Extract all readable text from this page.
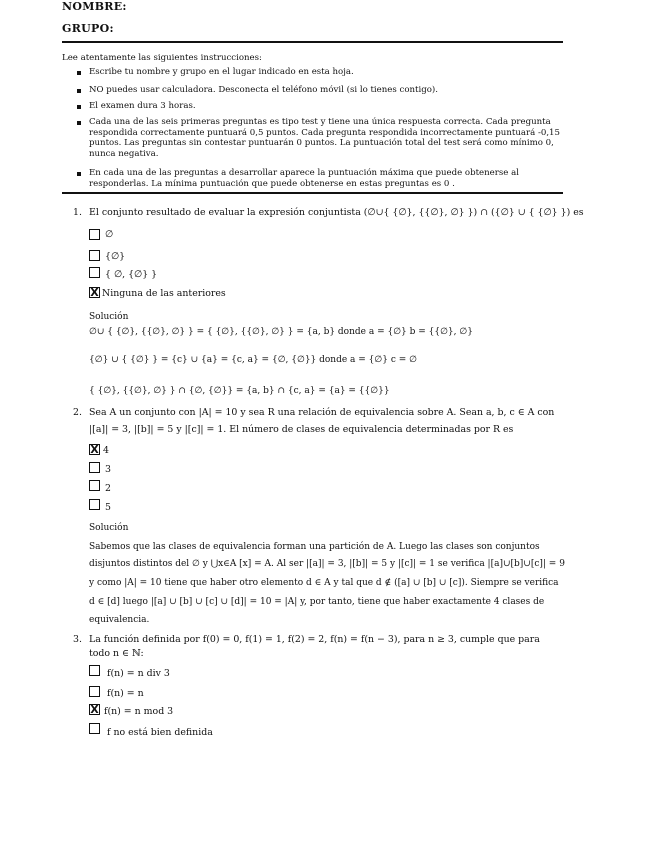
NOMBRE:
GRUPO:
Lee atentamente las siguientes instrucciones:
Escribe tu nombre y grupo en el lugar indicado en esta hoja.
NO puedes usar calculadora. Desconecta el teléfono móvil (si lo tienes contigo).
El examen dura 3 horas.
Cada una de las seis primeras preguntas es tipo test y tiene una única respuesta correcta. Cada pregunta respondida correctamente puntuará 0,5 puntos. Cada pregunta respondida incorrectamente puntuará -0,15 puntos. Las preguntas sin contestar puntuarán 0 puntos. La puntuación total del test será como mínimo 0, nunca negativa.
En cada una de las preguntas a desarrollar aparece la puntuación máxima que puede obtenerse al responderlas. La mínima puntuación que puede obtenerse en estas preguntas es 0 .
1. El conjunto resultado de evaluar la expresión conjuntista (∅∪{ {∅}, {{∅}, ∅} }) ∩ ({∅} ∪ { {∅} }) es
∅
{∅}
{ ∅, {∅} }
X Ninguna de las anteriores
Solución
∅∪ { {∅}, {{∅}, ∅} } = { {∅}, {{∅}, ∅} } = {a, b} donde a = {∅} b = {{∅}, ∅}
{∅} ∪ { {∅} } = {c} ∪ {a} = {c, a} = {∅, {∅}} donde a = {∅} c = ∅
{ {∅}, {{∅}, ∅} } ∩ {∅, {∅}} = {a, b} ∩ {c, a} = {a} = {{∅}}
2. Sea A un conjunto con |A| = 10 y sea R una relación de equivalencia sobre A. Sean a, b, c ∈ A con
|[a]| = 3, |[b]| = 5 y |[c]| = 1. El número de clases de equivalencia determinadas por R es
X 4
3
2
5
Solución
Sabemos que las clases de equivalencia forman una partición de A. Luego las clases son conjuntos
disjuntos distintos del ∅ y ⋃x∈A [x] = A. Al ser |[a]| = 3, |[b]| = 5 y |[c]| = 1 se verifica |[a]∪[b]∪[c]| = 9
y como |A| = 10 tiene que haber otro elemento d ∈ A y tal que d ∉ ([a] ∪ [b] ∪ [c]). Siempre se verifica
d ∈ [d] luego |[a] ∪ [b] ∪ [c] ∪ [d]| = 10 = |A| y, por tanto, tiene que haber exactamente 4 clases de
equivalencia.
3. La función definida por f(0) = 0, f(1) = 1, f(2) = 2, f(n) = f(n − 3), para n ≥ 3, cumple que para
todo n ∈ ℕ:
f(n) = n div 3
f(n) = n
X f(n) = n mod 3
f no está bien definida
